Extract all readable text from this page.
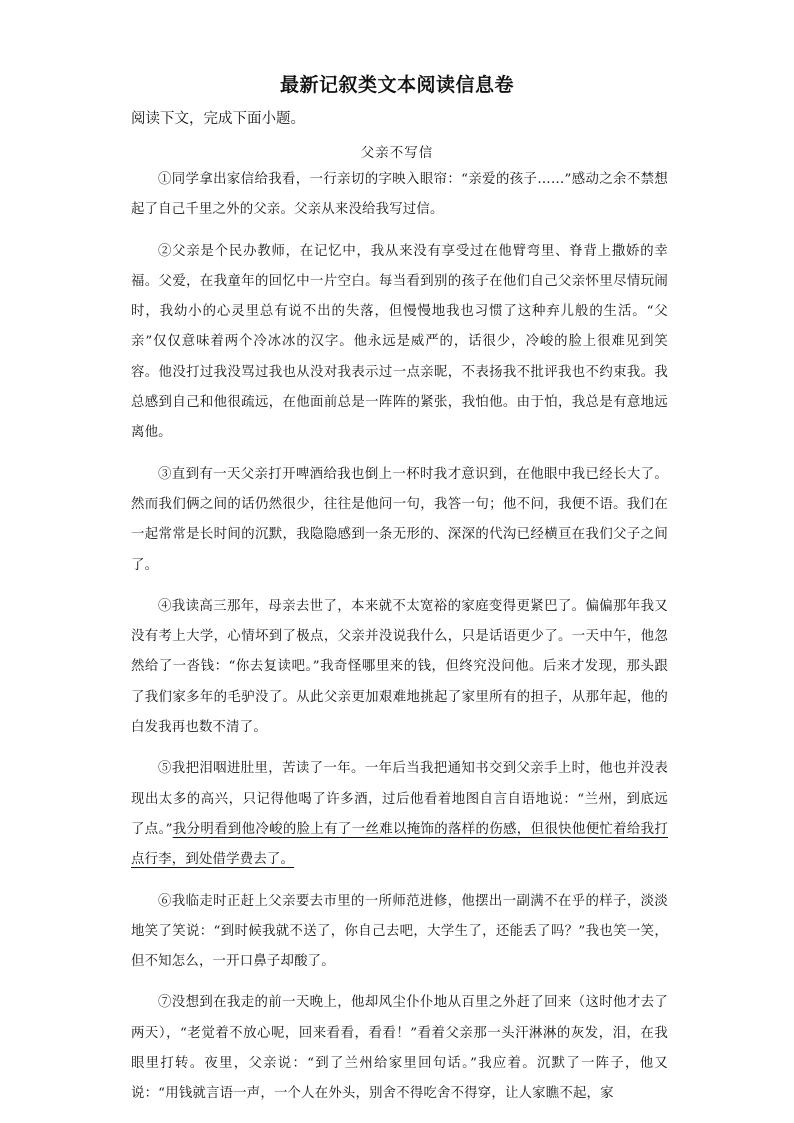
最新记叙类文本阅读信息卷
阅读下文，完成下面小题。
父亲不写信

①同学拿出家信给我看，一行亲切的字映入眼帘：“亲爱的孩子……”感动之余不禁想起了自己千里之外的父亲。父亲从来没给我写过信。

②父亲是个民办教师，在记忆中，我从来没有享受过在他臂弯里、脊背上撒娇的幸福。父爱，在我童年的回忆中一片空白。每当看到别的孩子在他们自己父亲怀里尽情玩闹时，我幼小的心灵里总有说不出的失落，但慢慢地我也习惯了这种弃儿般的生活。“父亲”仅仅意味着两个冷冰冰的汉字。他永远是威严的，话很少，冷峻的脸上很难见到笑容。他没打过我没骂过我也从没对我表示过一点亲昵，不表扬我不批评我也不约束我。我总感到自己和他很疏远，在他面前总是一阵阵的紧张，我怕他。由于怕，我总是有意地远离他。

③直到有一天父亲打开啤酒给我也倒上一杯时我才意识到，在他眼中我已经长大了。然而我们俩之间的话仍然很少，往往是他问一句，我答一句；他不问，我便不语。我们在一起常常是长时间的沉默，我隐隐感到一条无形的、深深的代沟已经横亘在我们父子之间了。

④我读高三那年，母亲去世了，本来就不太宽裕的家庭变得更紧巴了。偏偏那年我又没有考上大学，心情坏到了极点，父亲并没说我什么，只是话语更少了。一天中午，他忽然给了一沓钱：“你去复读吧。”我奇怪哪里来的钱，但终究没问他。后来才发现，那头跟了我们家多年的毛驴没了。从此父亲更加艰难地挑起了家里所有的担子，从那年起，他的白发我再也数不清了。

⑤我把泪咽进肚里，苦读了一年。一年后当我把通知书交到父亲手上时，他也并没表现出太多的高兴，只记得他喝了许多酒，过后他看着地图自言自语地说：“兰州，到底远了点。”我分明看到他冷峻的脸上有了一丝难以掩饰的落样的伤感，但很快他便忙着给我打点行李，到处借学费去了。

⑥我临走时正赶上父亲要去市里的一所师范进修，他摆出一副满不在乎的样子，淡淡地笑了笑说：“到时候我就不送了，你自己去吧，大学生了，还能丢了吗？”我也笑一笑，但不知怎么，一开口鼻子却酸了。

⑦没想到在我走的前一天晚上，他却风尘仆仆地从百里之外赶了回来（这时他才去了两天），“老觉着不放心呢，回来看看，看看！”看着父亲那一头汗淋淋的灰发，泪，在我眼里打转。夜里，父亲说：“到了兰州给家里回句话。”我应着。沉默了一阵子，他又说：“用钱就言语一声，一个人在外头，别舍不得吃舍不得穿，让人家瞧不起，家
